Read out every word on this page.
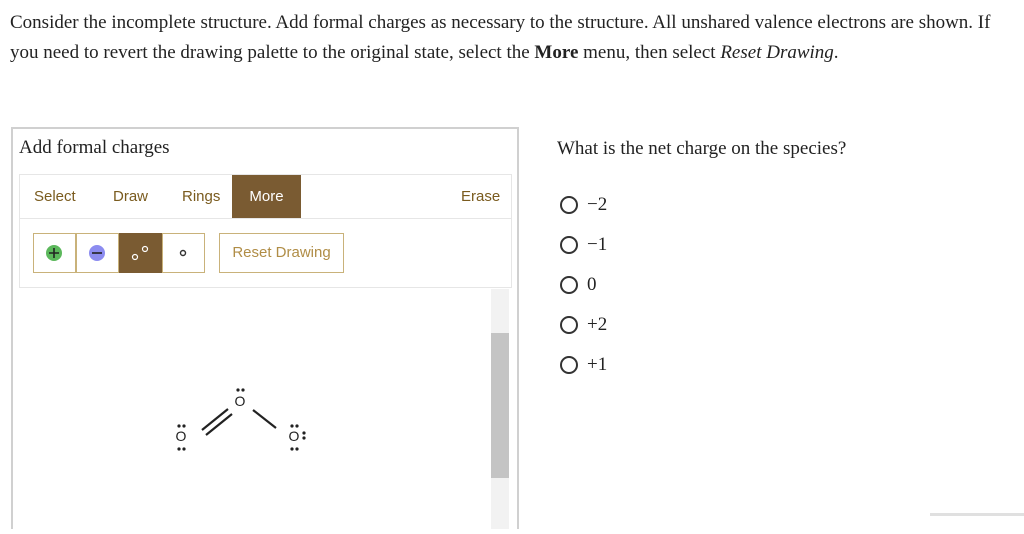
Consider the incomplete structure. Add formal charges as necessary to the structure. All unshared valence electrons are shown. If you need to revert the drawing palette to the original state, select the More menu, then select Reset Drawing.
Add formal charges
Select Draw Rings	More	Erase
Reset Drawing
O
O	O
What is the net charge on the species?
−2
−1
0
+2
+1
